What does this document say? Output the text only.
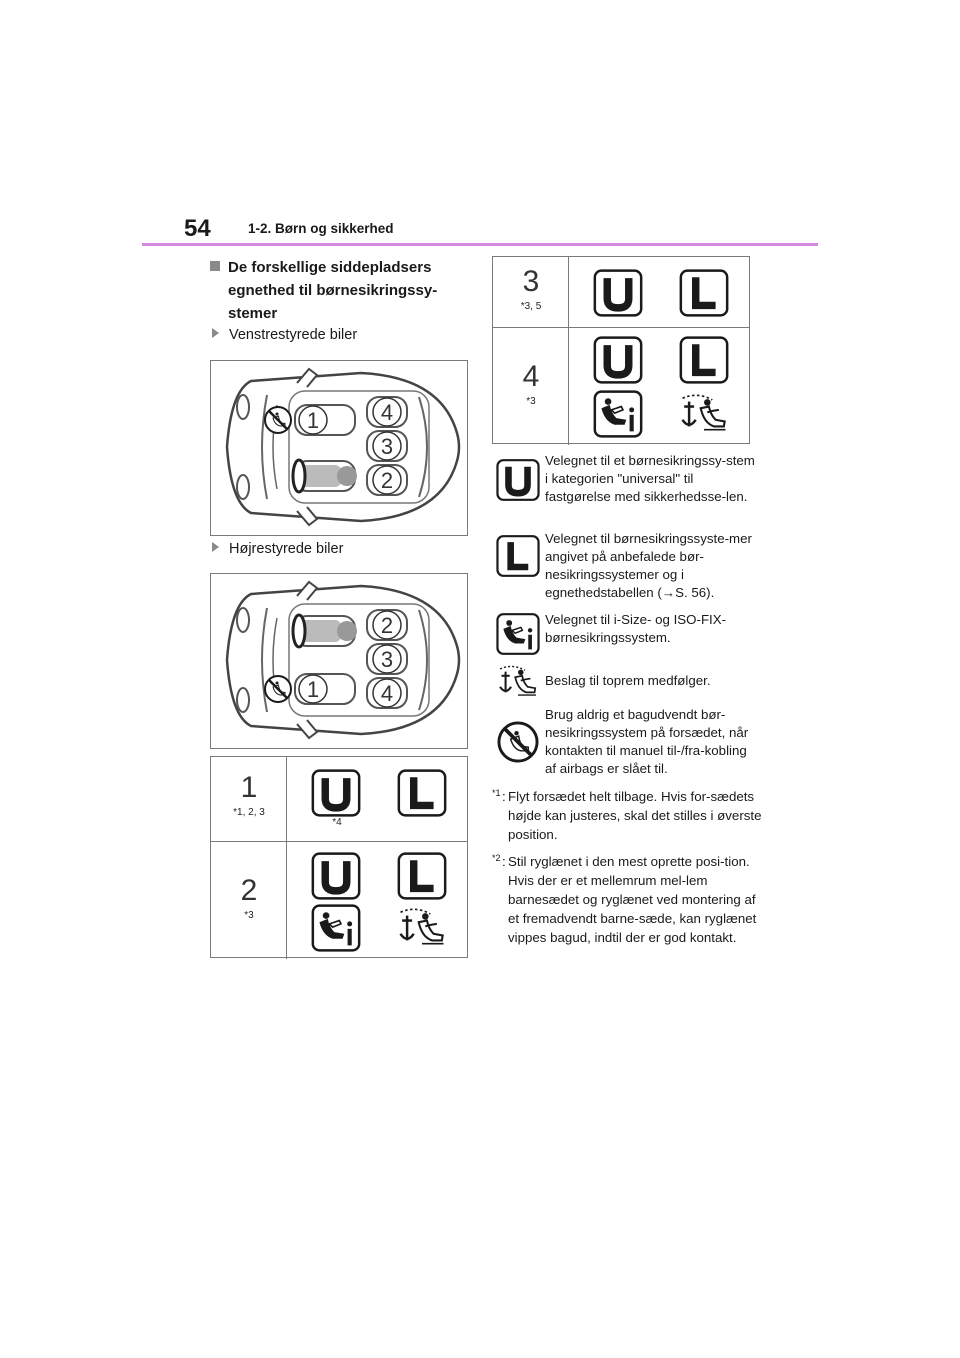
54	1-2. Børn og sikkerhed
De forskellige siddepladsers egnethed til børnesikringssy-stemer
Venstrestyrede biler
1	4
3
2
Højrestyrede biler
1
2
3
4
1
*1, 2, 3
*4
2
*3
3
*3, 5
4
*3
Velegnet til et børnesikringssy-stem i kategorien "universal" til fastgørelse med sikkerhedsse-len.
Velegnet til børnesikringssyste-mer angivet på anbefalede bør-nesikringssystemer og i egnethedstabellen (→S. 56).
Velegnet til i-Size- og ISO-FIX-børnesikringssystem.
Beslag til toprem medfølger.
Brug aldrig et bagudvendt bør-nesikringssystem på forsædet, når kontakten til manuel til-/fra-kobling af airbags er slået til.
*1 : Flyt forsædet helt tilbage. Hvis for-sædets højde kan justeres, skal det stilles i øverste position.
*2 : Stil ryglænet i den mest oprette posi-tion. Hvis der er et mellemrum mel-lem barnesædet og ryglænet ved montering af et fremadvendt barne-sæde, kan ryglænet vippes bagud, indtil der er god kontakt.
